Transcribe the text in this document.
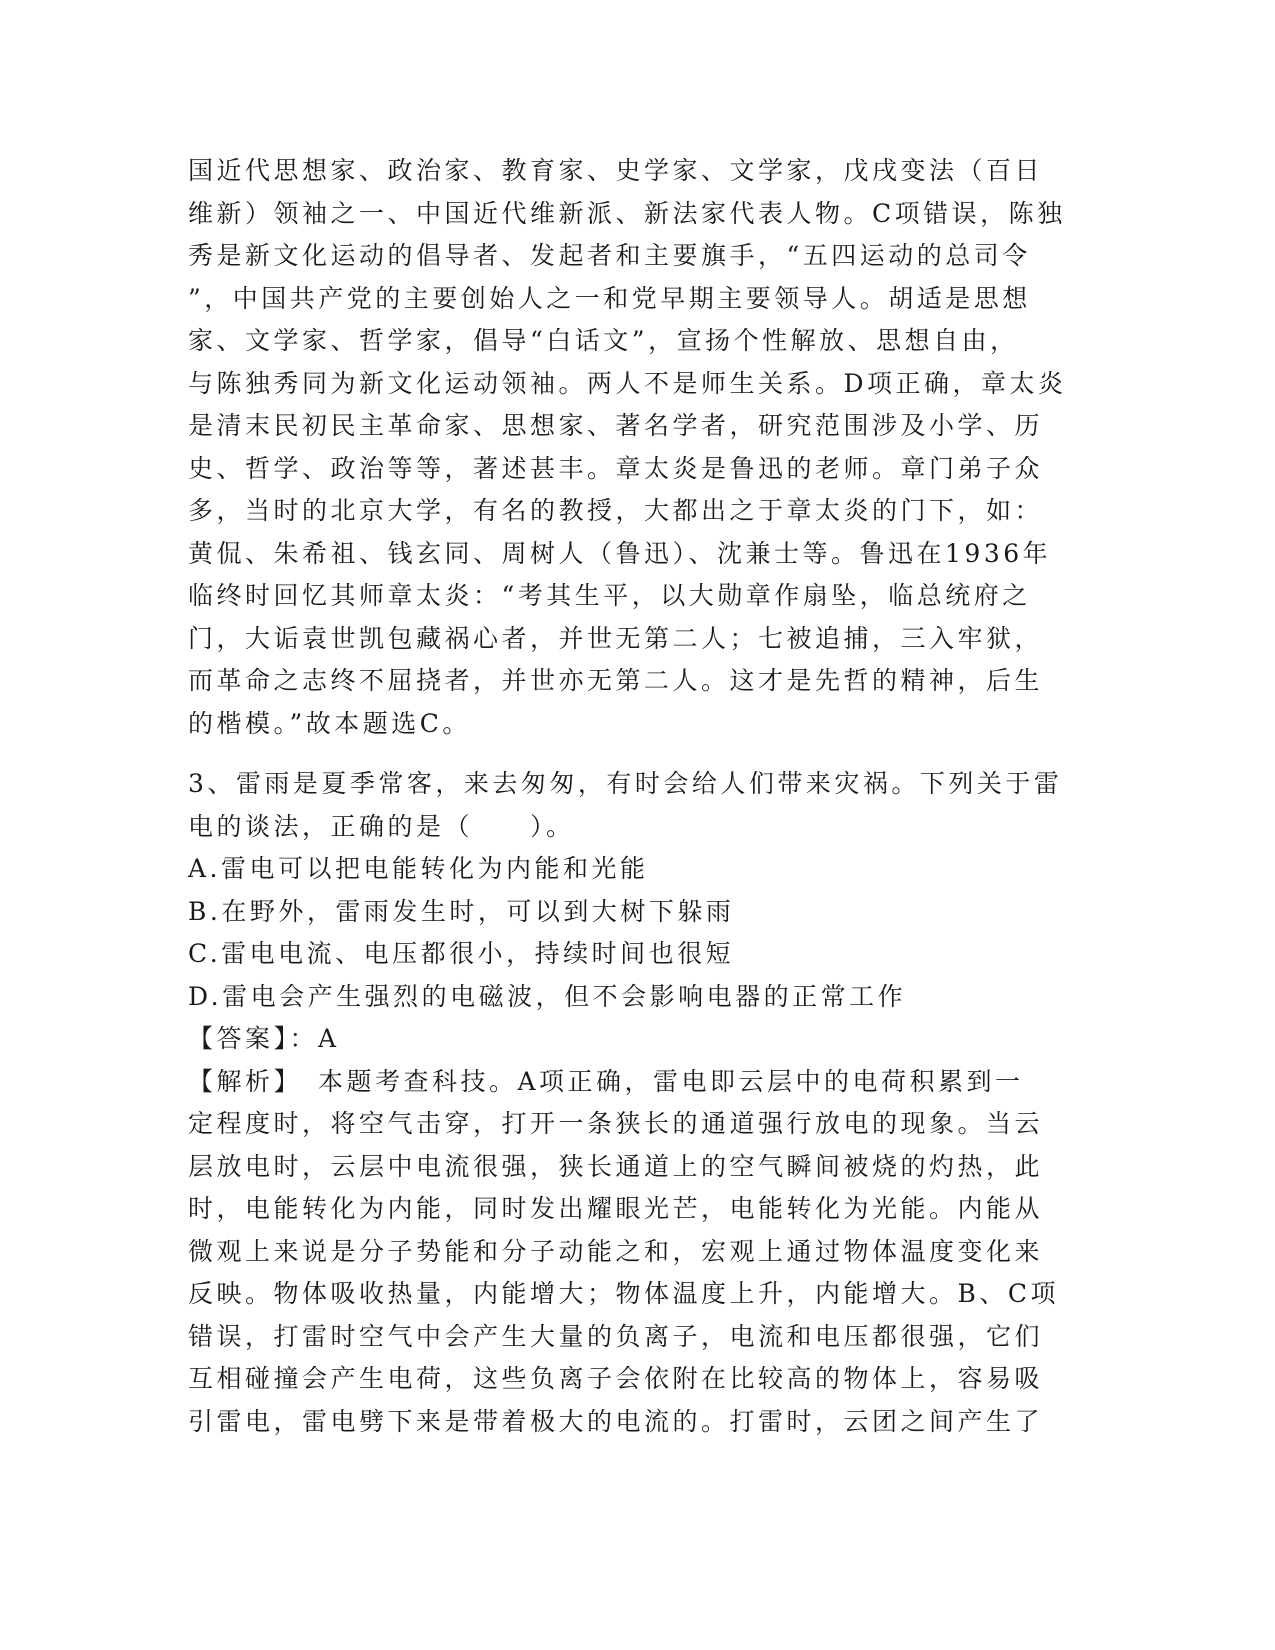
国近代思想家、政治家、教育家、史学家、文学家，戊戌变法（百日
维新）领袖之一、中国近代维新派、新法家代表人物。C项错误，陈独
秀是新文化运动的倡导者、发起者和主要旗手，“五四运动的总司令
”，中国共产党的主要创始人之一和党早期主要领导人。胡适是思想
家、文学家、哲学家，倡导“白话文”，宣扬个性解放、思想自由，
与陈独秀同为新文化运动领袖。两人不是师生关系。D项正确，章太炎
是清末民初民主革命家、思想家、著名学者，研究范围涉及小学、历
史、哲学、政治等等，著述甚丰。章太炎是鲁迅的老师。章门弟子众
多，当时的北京大学，有名的教授，大都出之于章太炎的门下，如：
黄侃、朱希祖、钱玄同、周树人（鲁迅）、沈兼士等。鲁迅在1936年
临终时回忆其师章太炎：“考其生平，以大勋章作扇坠，临总统府之
门，大诟袁世凯包藏祸心者，并世无第二人；七被追捕，三入牢狱，
而革命之志终不屈挠者，并世亦无第二人。这才是先哲的精神，后生
的楷模。”故本题选C。
3、雷雨是夏季常客，来去匆匆，有时会给人们带来灾祸。下列关于雷
电的谈法，正确的是（　　）。
A.雷电可以把电能转化为内能和光能
B.在野外，雷雨发生时，可以到大树下躲雨
C.雷电电流、电压都很小，持续时间也很短
D.雷电会产生强烈的电磁波，但不会影响电器的正常工作
【答案】：A
【解析】　本题考查科技。A项正确，雷电即云层中的电荷积累到一
定程度时，将空气击穿，打开一条狭长的通道强行放电的现象。当云
层放电时，云层中电流很强，狭长通道上的空气瞬间被烧的灼热，此
时，电能转化为内能，同时发出耀眼光芒，电能转化为光能。内能从
微观上来说是分子势能和分子动能之和，宏观上通过物体温度变化来
反映。物体吸收热量，内能增大；物体温度上升，内能增大。B、C项
错误，打雷时空气中会产生大量的负离子，电流和电压都很强，它们
互相碰撞会产生电荷，这些负离子会依附在比较高的物体上，容易吸
引雷电，雷电劈下来是带着极大的电流的。打雷时，云团之间产生了
